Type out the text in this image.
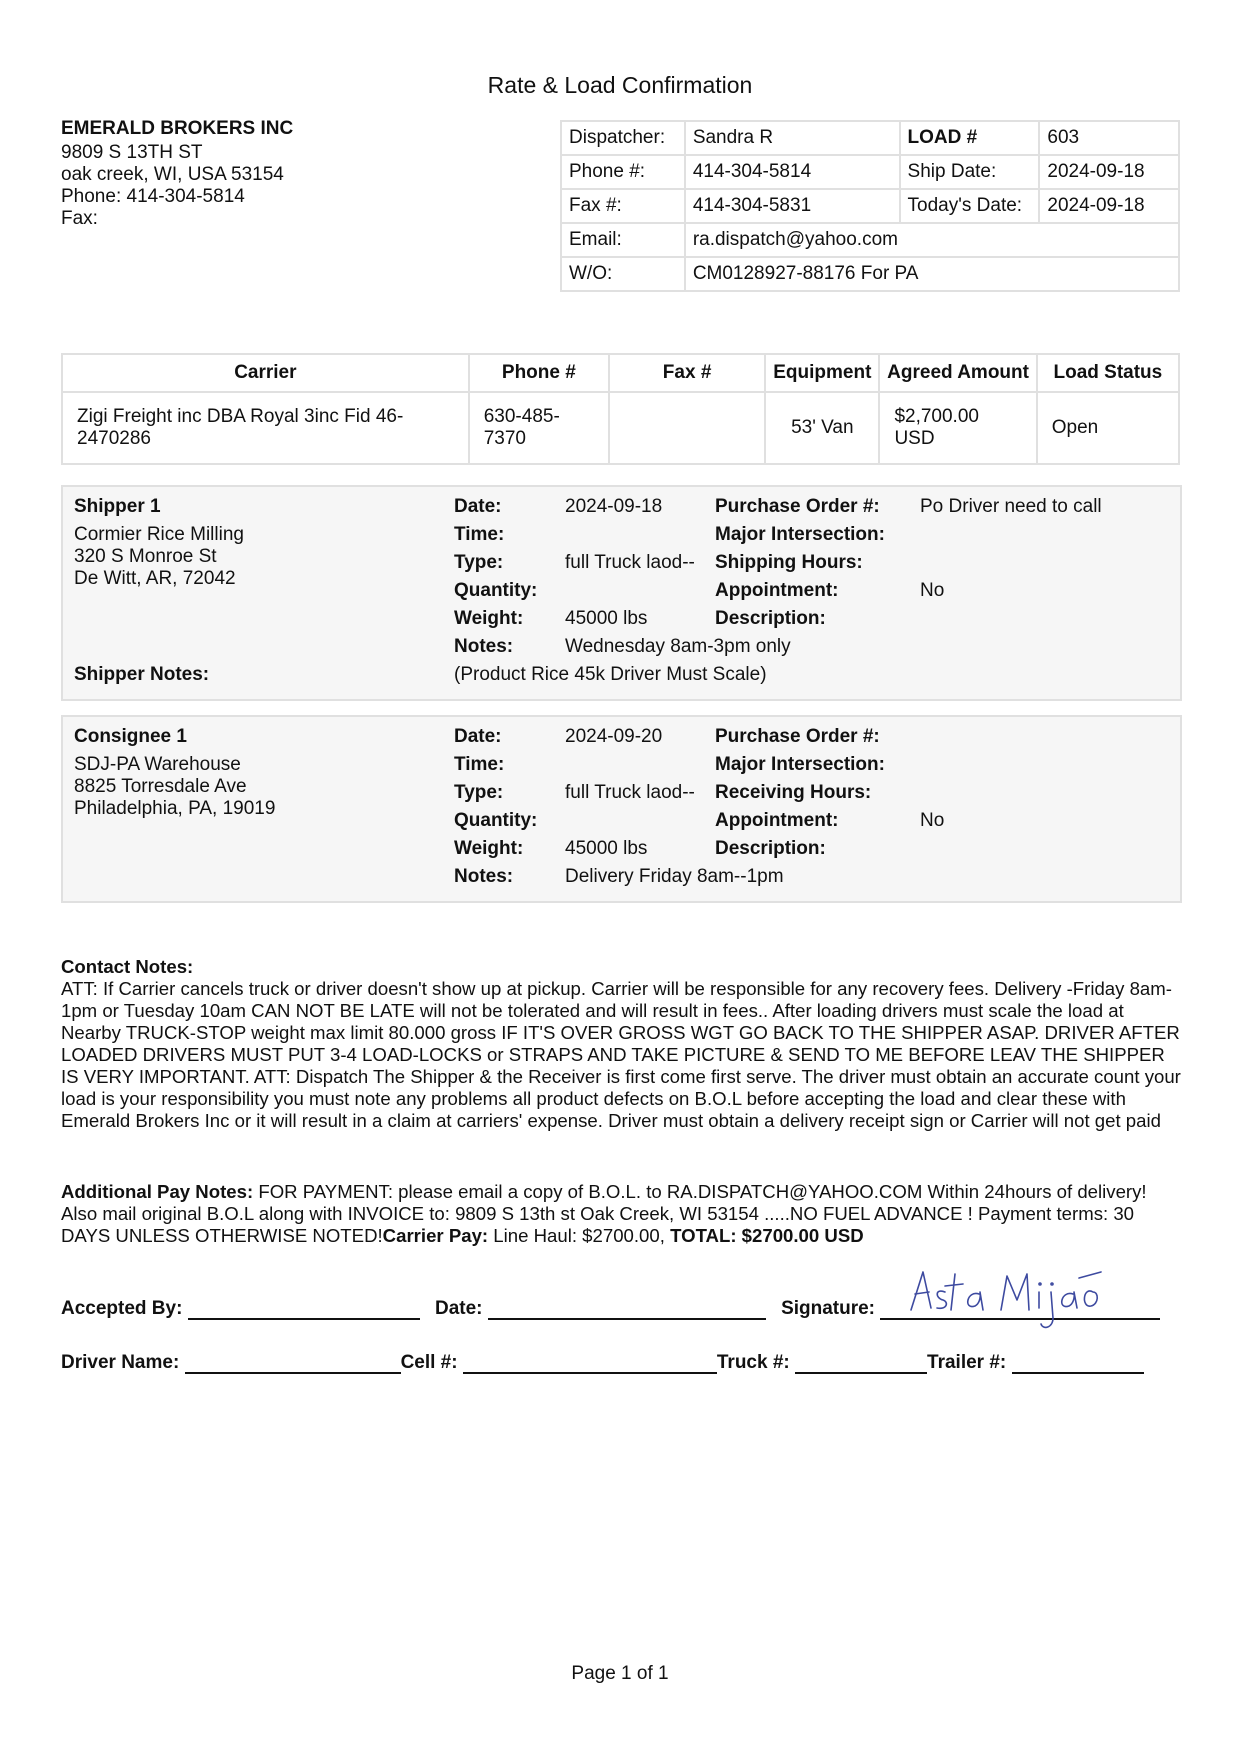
Rate & Load Confirmation
EMERALD BROKERS INC
9809 S 13TH ST
oak creek, WI, USA 53154
Phone: 414-304-5814
Fax:
Dispatcher:	Sandra R	LOAD #	603
Phone #:	414-304-5814	Ship Date:	2024-09-18
Fax #:	414-304-5831	Today's Date:	2024-09-18
Email:	ra.dispatch@yahoo.com		
W/O:	CM0128927-88176 For PA		
Carrier	Phone #	Fax #	Equipment	Agreed Amount	Load Status
Zigi Freight inc DBA Royal 3inc Fid 46-2470286	630-485-7370		53' Van	$2,700.00 USD	Open
Shipper 1
Cormier Rice Milling
320 S Monroe St
De Witt, AR, 72042
Date:	2024-09-18
Time:
Type:	full Truck laod--
Quantity:
Weight: 45000 lbs
Notes:	Wednesday 8am-3pm only
Purchase Order #: Po Driver need to call
Major Intersection:
Shipping Hours:
Appointment:	No
Description:
Shipper Notes:	(Product Rice 45k Driver Must Scale)
Consignee 1
SDJ-PA Warehouse
8825 Torresdale Ave
Philadelphia, PA, 19019
Date:	2024-09-20
Time:
Type:	full Truck laod--
Quantity:
Weight: 45000 lbs
Notes:	Delivery Friday 8am--1pm
Purchase Order #:
Major Intersection:
Receiving Hours:
Appointment:	No
Description:
Contact Notes:
ATT: If Carrier cancels truck or driver doesn't show up at pickup. Carrier will be responsible for any recovery fees. Delivery -Friday 8am-1pm or Tuesday 10am CAN NOT BE LATE will not be tolerated and will result in fees.. After loading drivers must scale the load at Nearby TRUCK-STOP weight max limit 80.000 gross IF IT'S OVER GROSS WGT GO BACK TO THE SHIPPER ASAP. DRIVER AFTER LOADED DRIVERS MUST PUT 3-4 LOAD-LOCKS or STRAPS AND TAKE PICTURE & SEND TO ME BEFORE LEAV THE SHIPPER IS VERY IMPORTANT. ATT: Dispatch The Shipper & the Receiver is first come first serve. The driver must obtain an accurate count your load is your responsibility you must note any problems all product defects on B.O.L before accepting the load and clear these with Emerald Brokers Inc or it will result in a claim at carriers' expense. Driver must obtain a delivery receipt sign or Carrier will not get paid
Additional Pay Notes: FOR PAYMENT: please email a copy of B.O.L. to RA.DISPATCH@YAHOO.COM Within 24hours of delivery! Also mail original B.O.L along with INVOICE to: 9809 S 13th st Oak Creek, WI 53154 .....NO FUEL ADVANCE ! Payment terms: 30 DAYS UNLESS OTHERWISE NOTED!Carrier Pay: Line Haul: $2700.00, TOTAL: $2700.00 USD
Accepted By:	Date:	Signature:
Driver Name:	Cell #:	Truck #:	Trailer #:
Page 1 of 1
